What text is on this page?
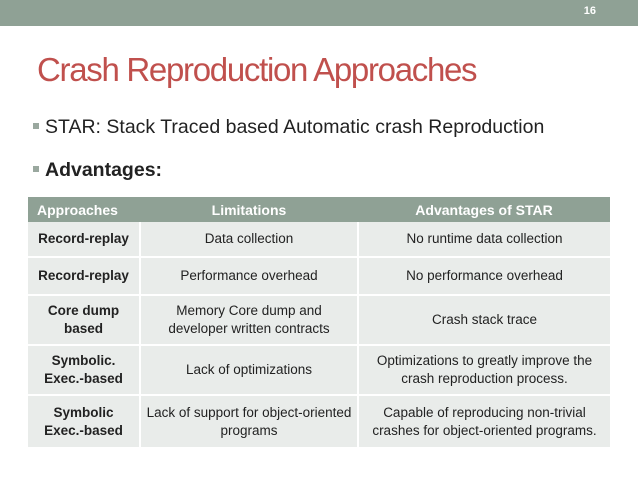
16
Crash Reproduction Approaches
STAR: Stack Traced based Automatic crash Reproduction
Advantages:
Approaches	Limitations	Advantages of STAR
Record-replay	Data collection	No runtime data collection
Record-replay	Performance overhead	No performance overhead
Core dump based	Memory Core dump and developer written contracts	Crash stack trace
Symbolic. Exec.-based	Lack of optimizations	Optimizations to greatly improve the crash reproduction process.
Symbolic Exec.-based	Lack of support for object-oriented programs	Capable of reproducing non-trivial crashes for object-oriented programs.
